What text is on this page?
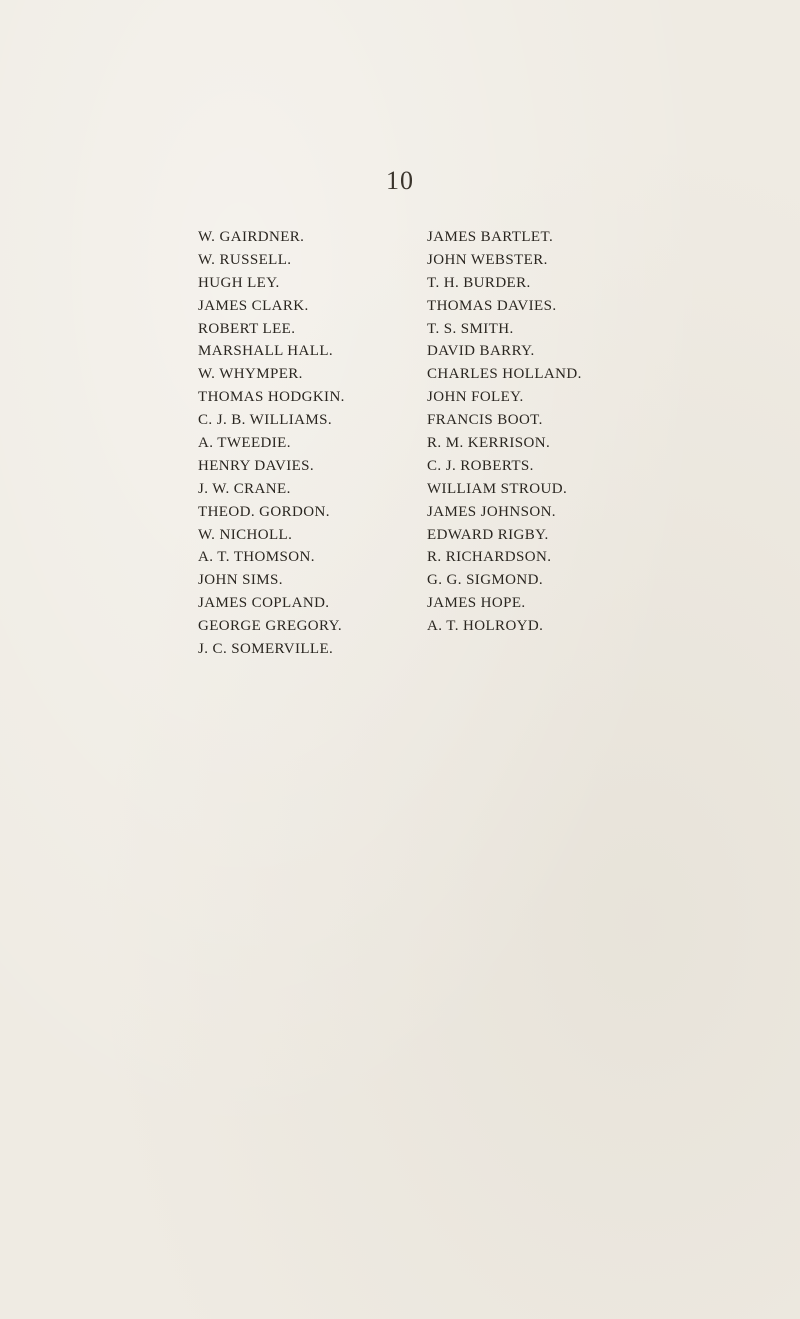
10
W. GAIRDNER.
W. RUSSELL.
HUGH LEY.
JAMES CLARK.
ROBERT LEE.
MARSHALL HALL.
W. WHYMPER.
THOMAS HODGKIN.
C. J. B. WILLIAMS.
A. TWEEDIE.
HENRY DAVIES.
J. W. CRANE.
THEOD. GORDON.
W. NICHOLL.
A. T. THOMSON.
JOHN SIMS.
JAMES COPLAND.
GEORGE GREGORY.
J. C. SOMERVILLE.
JAMES BARTLET.
JOHN WEBSTER.
T. H. BURDER.
THOMAS DAVIES.
T. S. SMITH.
DAVID BARRY.
CHARLES HOLLAND.
JOHN FOLEY.
FRANCIS BOOT.
R. M. KERRISON.
C. J. ROBERTS.
WILLIAM STROUD.
JAMES JOHNSON.
EDWARD RIGBY.
R. RICHARDSON.
G. G. SIGMOND.
JAMES HOPE.
A. T. HOLROYD.
